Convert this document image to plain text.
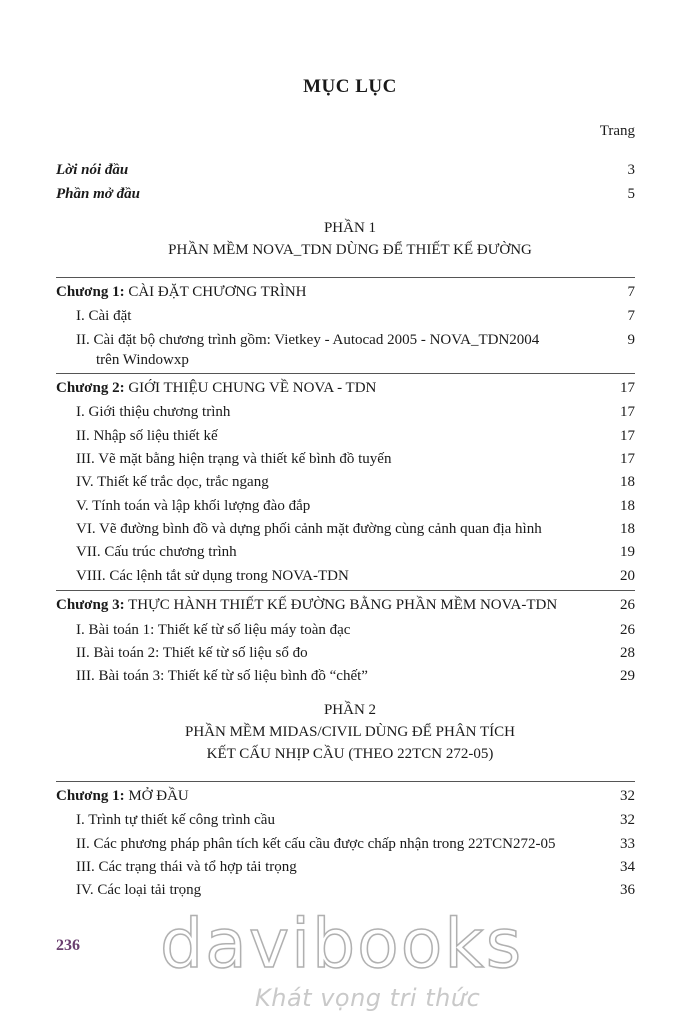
MỤC LỤC
Trang
Lời nói đầu	3
Phần mở đầu	5
PHẦN 1
PHẦN MỀM NOVA_TDN DÙNG ĐỂ THIẾT KẾ ĐƯỜNG
Chương 1: CÀI ĐẶT CHƯƠNG TRÌNH	7
I. Cài đặt	7
II. Cài đặt bộ chương trình gồm: Vietkey - Autocad 2005 - NOVA_TDN2004	9
trên Windowxp
Chương 2: GIỚI THIỆU CHUNG VỀ NOVA - TDN	17
I. Giới thiệu chương trình	17
II. Nhập số liệu thiết kế	17
III. Vẽ mặt bằng hiện trạng và thiết kế bình đồ tuyến	17
IV. Thiết kế trắc dọc, trắc ngang	18
V. Tính toán và lập khối lượng đào đắp	18
VI. Vẽ đường bình đồ và dựng phối cảnh mặt đường cùng cảnh quan địa hình	18
VII. Cấu trúc chương trình	19
VIII. Các lệnh tắt sử dụng trong NOVA-TDN	20
Chương 3: THỰC HÀNH THIẾT KẾ ĐƯỜNG BẰNG PHẦN MỀM NOVA-TDN	26
I. Bài toán 1: Thiết kế từ số liệu máy toàn đạc	26
II. Bài toán 2: Thiết kế từ số liệu sổ đo	28
III. Bài toán 3: Thiết kế từ số liệu bình đồ “chết”	29
PHẦN 2
PHẦN MỀM MIDAS/CIVIL DÙNG ĐỂ PHÂN TÍCH
KẾT CẤU NHỊP CẦU (THEO 22TCN 272-05)
Chương 1: MỞ ĐẦU	32
I. Trình tự thiết kế công trình cầu	32
II. Các phương pháp phân tích kết cấu cầu được chấp nhận trong 22TCN272-05	33
III. Các trạng thái và tổ hợp tải trọng	34
IV. Các loại tải trọng	36
236 davibooks
Khát vọng tri thức
